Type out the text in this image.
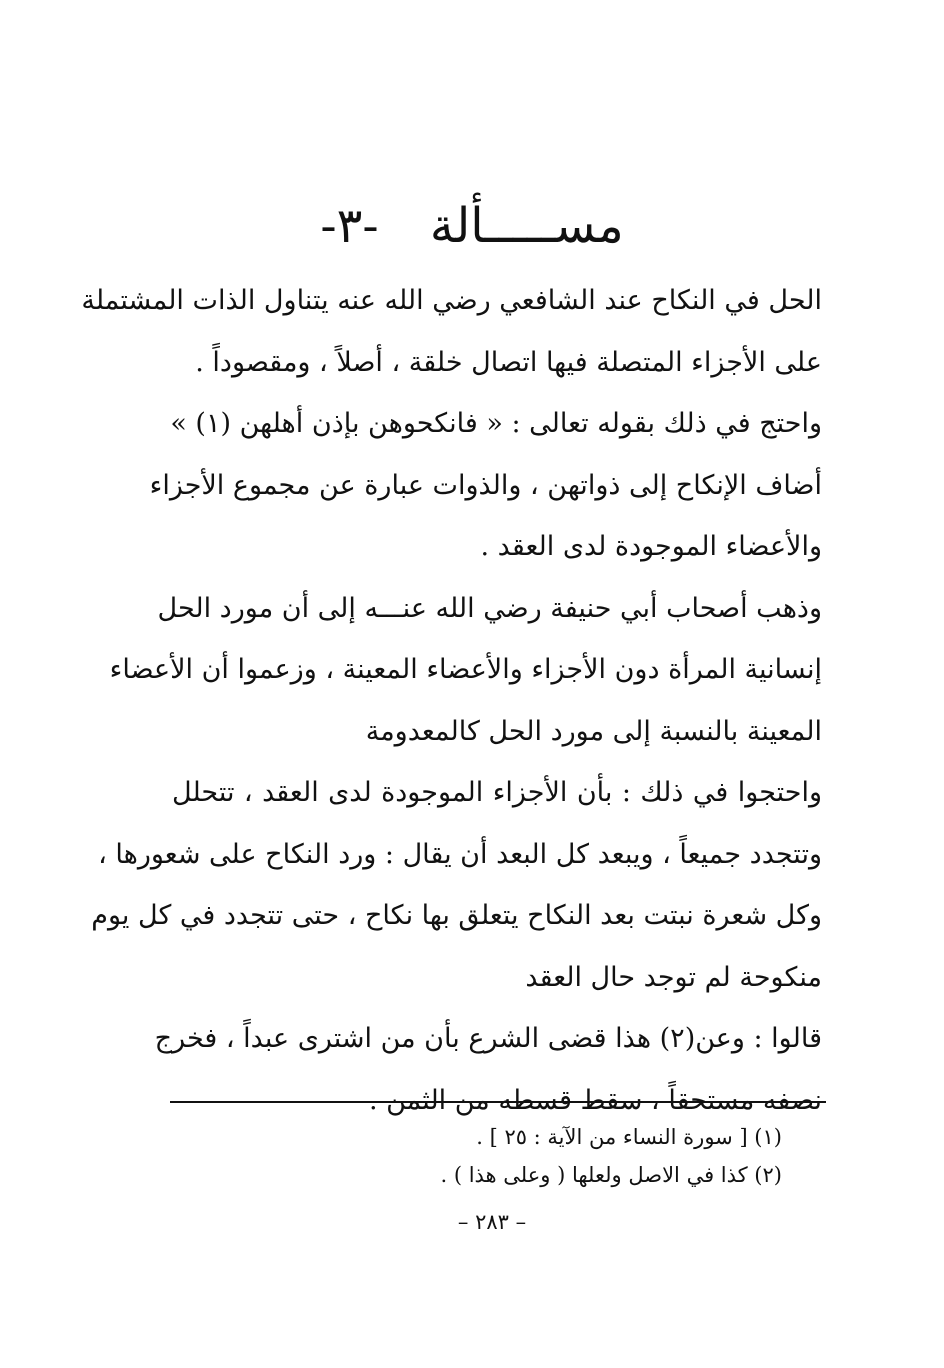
مســـــألة -٣-

الحل في النكاح عند الشافعي رضي الله عنه يتناول الذات المشتملة
على الأجزاء المتصلة فيها اتصال خلقة ، أصلاً ، ومقصوداً .

واحتج في ذلك بقوله تعالى : « فانكحوهن بإذن أهلهن (١) »
أضاف الإنكاح إلى ذواتهن ، والذوات عبارة عن مجموع الأجزاء
والأعضاء الموجودة لدى العقد .

وذهب أصحاب أبي حنيفة رضي الله عنـــه إلى أن مورد الحل
إنسانية المرأة دون الأجزاء والأعضاء المعينة ، وزعموا أن الأعضاء
المعينة بالنسبة إلى مورد الحل كالمعدومة

واحتجوا في ذلك : بأن الأجزاء الموجودة لدى العقد ، تتحلل
وتتجدد جميعاً ، ويبعد كل البعد أن يقال : ورد النكاح على شعورها ،
وكل شعرة نبتت بعد النكاح يتعلق بها نكاح ، حتى تتجدد في كل يوم
منكوحة لم توجد حال العقد

قالوا : وعن(٢) هذا قضى الشرع بأن من اشترى عبداً ، فخرج
نصفه مستحقاً ، سقط قسطه من الثمن .

(١) [ سورة النساء من الآية : ٢٥ ] .
(٢) كذا في الاصل ولعلها ( وعلى هذا ) .
– ٢٨٣ –
